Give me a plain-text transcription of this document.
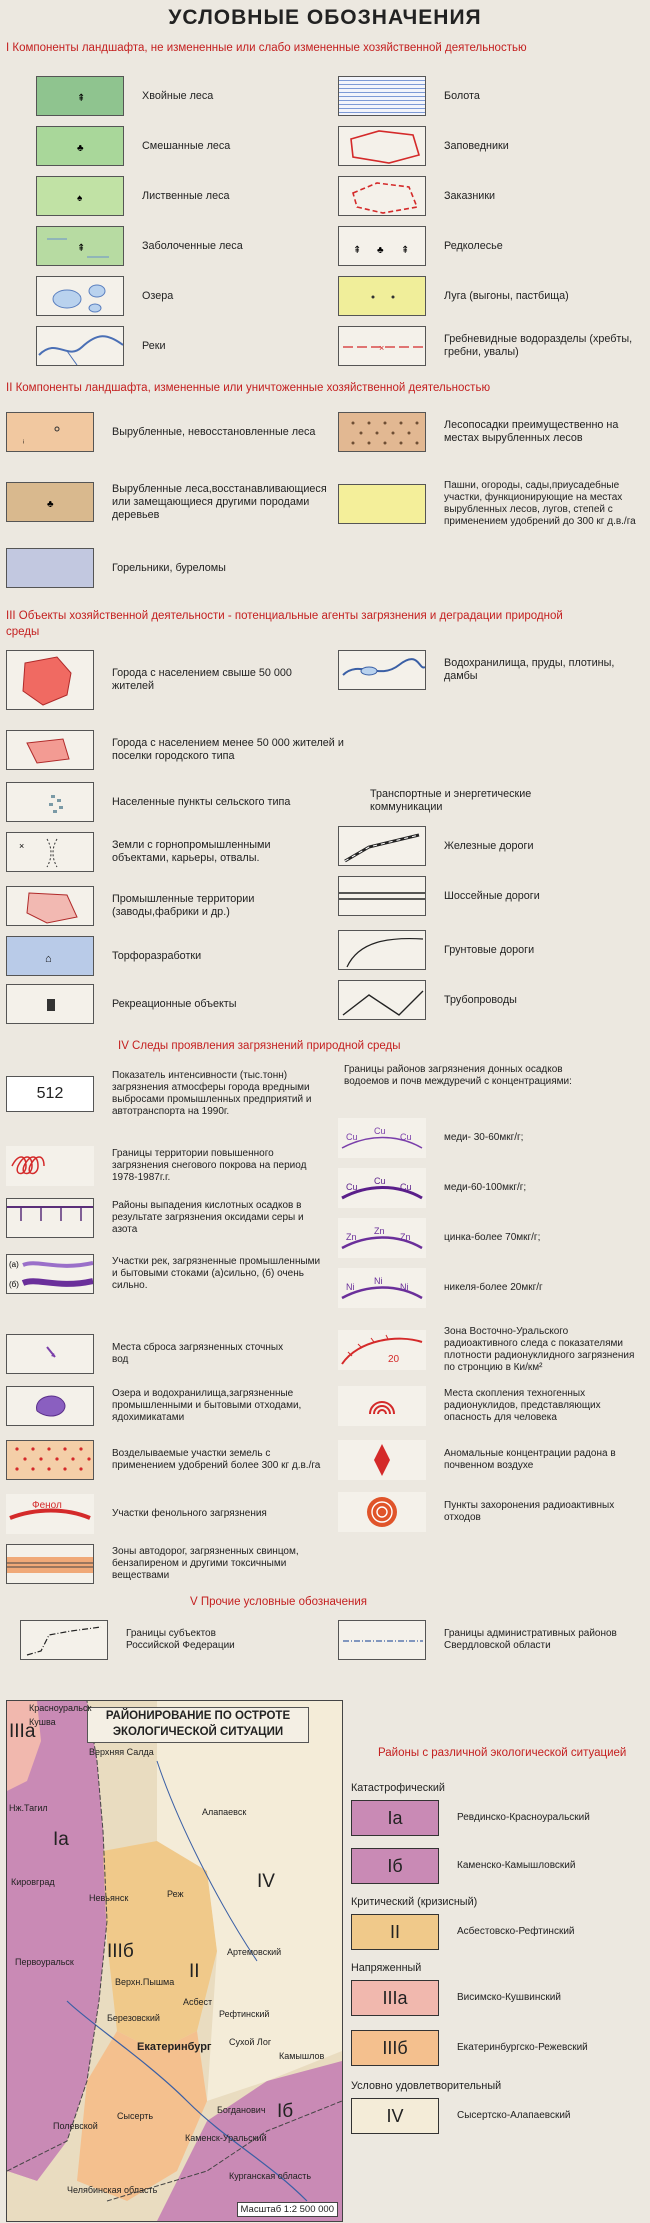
УСЛОВНЫЕ ОБОЗНАЧЕНИЯ
I Компоненты ландшафта, не измененные или слабо измененные хозяйственной деятельностью
⇞	Хвойные леса
♣	Смешанные леса
♠	Лиственные леса
⇞	Заболоченные леса
Озера
Реки
Болота
Заповедники
Заказники
⇞ ♣ ⇞	Редколесье
Луга (выгоны, пастбища)
×
Гребневидные водоразделы (хребты, гребни, увалы)
II Компоненты ландшафта, измененные или уничтоженные хозяйственной деятельностью
ᵢ
Вырубленные, невосстановленные леса
♣
Вырубленные леса,восстанавливающиеся или замещающиеся другими породами деревьев
Горельники, буреломы
Лесопосадки преимущественно на местах вырубленных лесов
Пашни, огороды, сады,приусадебные участки, функционирующие на местах вырубленных лесов, лугов, степей с применением удобрений до 300 кг д.в./га
III Объекты хозяйственной деятельности - потенциальные агенты загрязнения и деградации природной среды
Города с населением свыше 50 000 жителей
Города с населением менее 50 000 жителей и поселки городского типа
Населенные пункты сельского типа
×	Земли с горнопромышленными объектами, карьеры, отвалы.
Промышленные территории (заводы,фабрики и др.)
⌂	Торфоразработки
Рекреационные объекты
Водохранилища, пруды, плотины, дамбы
Транспортные и энергетические коммуникации
Железные дороги
Шоссейные дороги
Грунтовые дороги
Трубопроводы
IV Следы проявления загрязнений природной среды
512
Показатель интенсивности (тыс.тонн) загрязнения атмосферы города вредными выбросами промышленных предприятий и автотранспорта на 1990г.
Границы территории повышенного загрязнения снегового покрова на период 1978-1987г.г.
Районы выпадения кислотных осадков в результате загрязнения оксидами серы и азота
(а)
(б)
Участки рек, загрязненные промышленными и бытовыми стоками (а)сильно, (б) очень сильно.
Места сброса загрязненных сточных вод
Озера и водохранилища,загрязненные промышленными и бытовыми отходами, ядохимикатами
Возделываемые участки земель с применением удобрений более 300 кг д.в./га
Фенол
Участки фенольного загрязнения
Зоны автодорог, загрязненных свинцом, бензапиреном и другими токсичными веществами
Границы районов загрязнения донных осадков водоемов и почв междуречий с концентрациями:
Cu
Cu
Cu	меди- 30-60мкг/г;
Cu
Cu
Cu	меди-60-100мкг/г;
Zn
Zn
Zn	цинка-более 70мкг/г;
Ni
Ni
Ni	никеля-более 20мкг/г
20
Зона Восточно-Уральского радиоактивного следа с показателями плотности радионуклидного загрязнения по стронцию в Ки/км²
Места скопления техногенных радионуклидов, представляющих опасность для человека
Аномальные концентрации радона в почвенном воздухе
Пункты захоронения радиоактивных отходов
V Прочие условные обозначения
Границы субъектов Российской Федерации
Границы административных районов Свердловской области
РАЙОНИРОВАНИЕ ПО ОСТРОТЕ ЭКОЛОГИЧЕСКОЙ СИТУАЦИИ
Красноуральск
Кушва
Верхняя Салда
Нж.Тагил
Кировград
Невьянск
Алапаевск
Реж
Артемовский
Первоуральск
Верхн.Пышма
Асбест
Рефтинский
Березовский
Екатеринбург Сухой Лог
Камышлов
Полевской
Сысерть
Богданович
Каменск-Уральский
Челябинская область
Курганская область
IIIа
Iа
IIIб
II
IV
Iб
Масштаб 1:2 500 000
Районы с различной экологической ситуацией
Катастрофический
Iа	Ревдинско-Красноуральский
Iб	Каменско-Камышловский
Критический (кризисный)
II	Асбестовско-Рефтинский
Напряженный
IIIа	Висимско-Кушвинский
IIIб	Екатеринбургско-Режевский
Условно удовлетворительный
IV	Сысертско-Алапаевский
